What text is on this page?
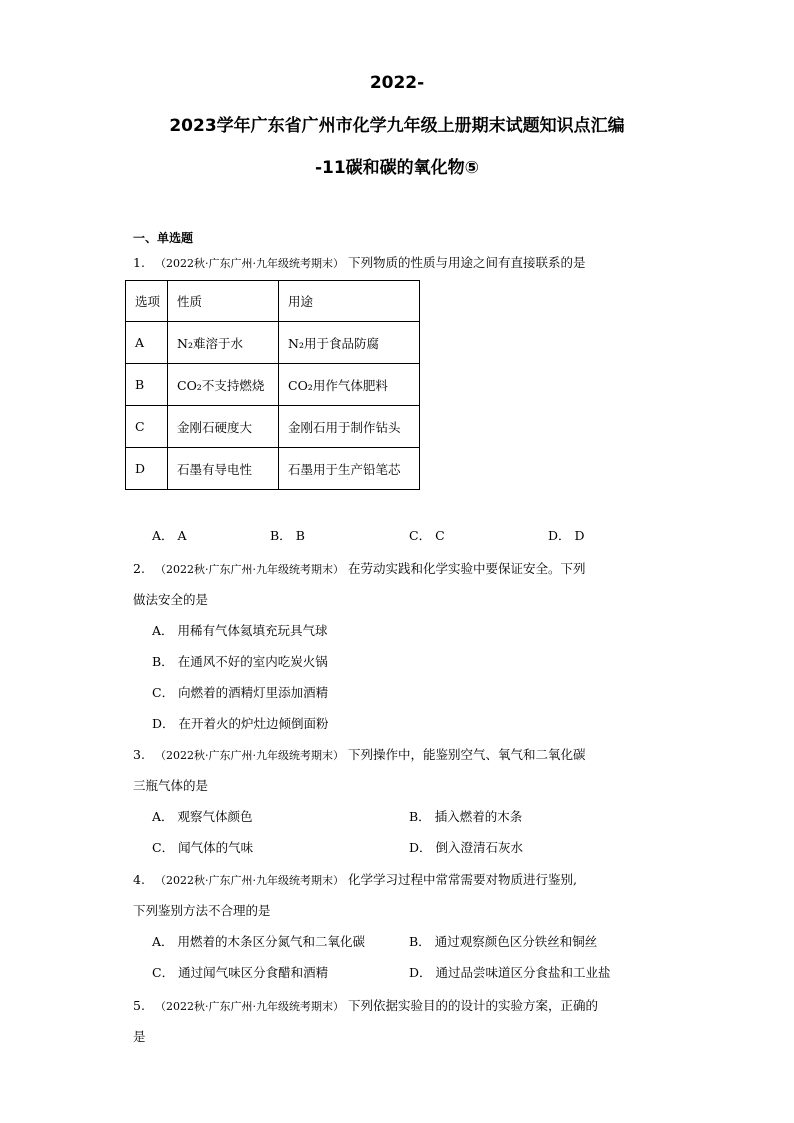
2022-
2023学年广东省广州市化学九年级上册期末试题知识点汇编
-11碳和碳的氧化物⑤
一、单选题
1. （2022秋·广东广州·九年级统考期末） 下列物质的性质与用途之间有直接联系的是
选项	性质	用途
A	N₂难溶于水	N₂用于食品防腐
B	CO₂不支持燃烧	CO₂用作气体肥料
C	金刚石硬度大	金刚石用于制作钻头
D	石墨有导电性	石墨用于生产铅笔芯
A． A	B． B	C． C	D． D
2. （2022秋·广东广州·九年级统考期末） 在劳动实践和化学实验中要保证安全。下列
做法安全的是
A． 用稀有气体氦填充玩具气球
B． 在通风不好的室内吃炭火锅
C． 向燃着的酒精灯里添加酒精
D． 在开着火的炉灶边倾倒面粉
3. （2022秋·广东广州·九年级统考期末） 下列操作中，能鉴别空气、氧气和二氧化碳
三瓶气体的是
A． 观察气体颜色	B． 插入燃着的木条
C． 闻气体的气味	D． 倒入澄清石灰水
4. （2022秋·广东广州·九年级统考期末） 化学学习过程中常常需要对物质进行鉴别,
下列鉴别方法不合理的是
A． 用燃着的木条区分氮气和二氧化碳	B． 通过观察颜色区分铁丝和铜丝
C． 通过闻气味区分食醋和酒精	D． 通过品尝味道区分食盐和工业盐
5. （2022秋·广东广州·九年级统考期末） 下列依据实验目的的设计的实验方案，正确的
是
